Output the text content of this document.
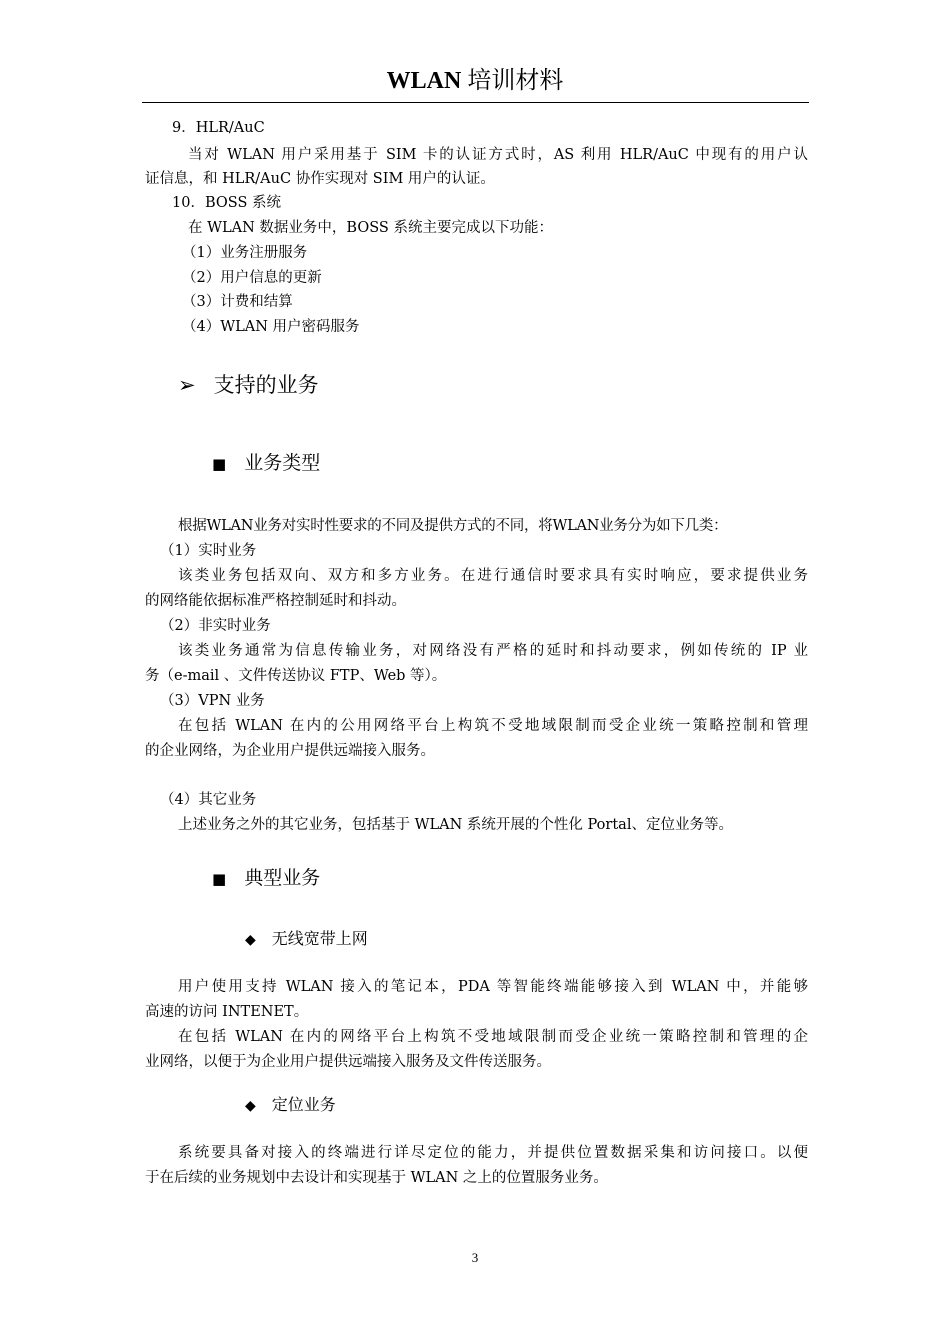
WLAN 培训材料
9．HLR/AuC
当对 WLAN 用户采用基于 SIM 卡的认证方式时，AS 利用 HLR/AuC 中现有的用户认
证信息，和 HLR/AuC 协作实现对 SIM 用户的认证。
10．BOSS 系统
在 WLAN 数据业务中，BOSS 系统主要完成以下功能：
（1）业务注册服务
（2）用户信息的更新
（3）计费和结算
（4）WLAN 用户密码服务
➢ 支持的业务
■ 业务类型
根据WLAN业务对实时性要求的不同及提供方式的不同，将WLAN业务分为如下几类：
（1）实时业务
该类业务包括双向、双方和多方业务。在进行通信时要求具有实时响应，要求提供业务
的网络能依据标准严格控制延时和抖动。
（2）非实时业务
该类业务通常为信息传输业务，对网络没有严格的延时和抖动要求，例如传统的 IP 业
务（e-mail 、文件传送协议 FTP、Web 等）。
（3）VPN 业务
在包括 WLAN 在内的公用网络平台上构筑不受地域限制而受企业统一策略控制和管理
的企业网络，为企业用户提供远端接入服务。
（4）其它业务
上述业务之外的其它业务，包括基于 WLAN 系统开展的个性化 Portal、定位业务等。
■ 典型业务
◆ 无线宽带上网
用户使用支持 WLAN 接入的笔记本，PDA 等智能终端能够接入到 WLAN 中，并能够
高速的访问 INTENET。
在包括 WLAN 在内的网络平台上构筑不受地域限制而受企业统一策略控制和管理的企
业网络，以便于为企业用户提供远端接入服务及文件传送服务。
◆ 定位业务
系统要具备对接入的终端进行详尽定位的能力，并提供位置数据采集和访问接口。以便
于在后续的业务规划中去设计和实现基于 WLAN 之上的位置服务业务。
3
